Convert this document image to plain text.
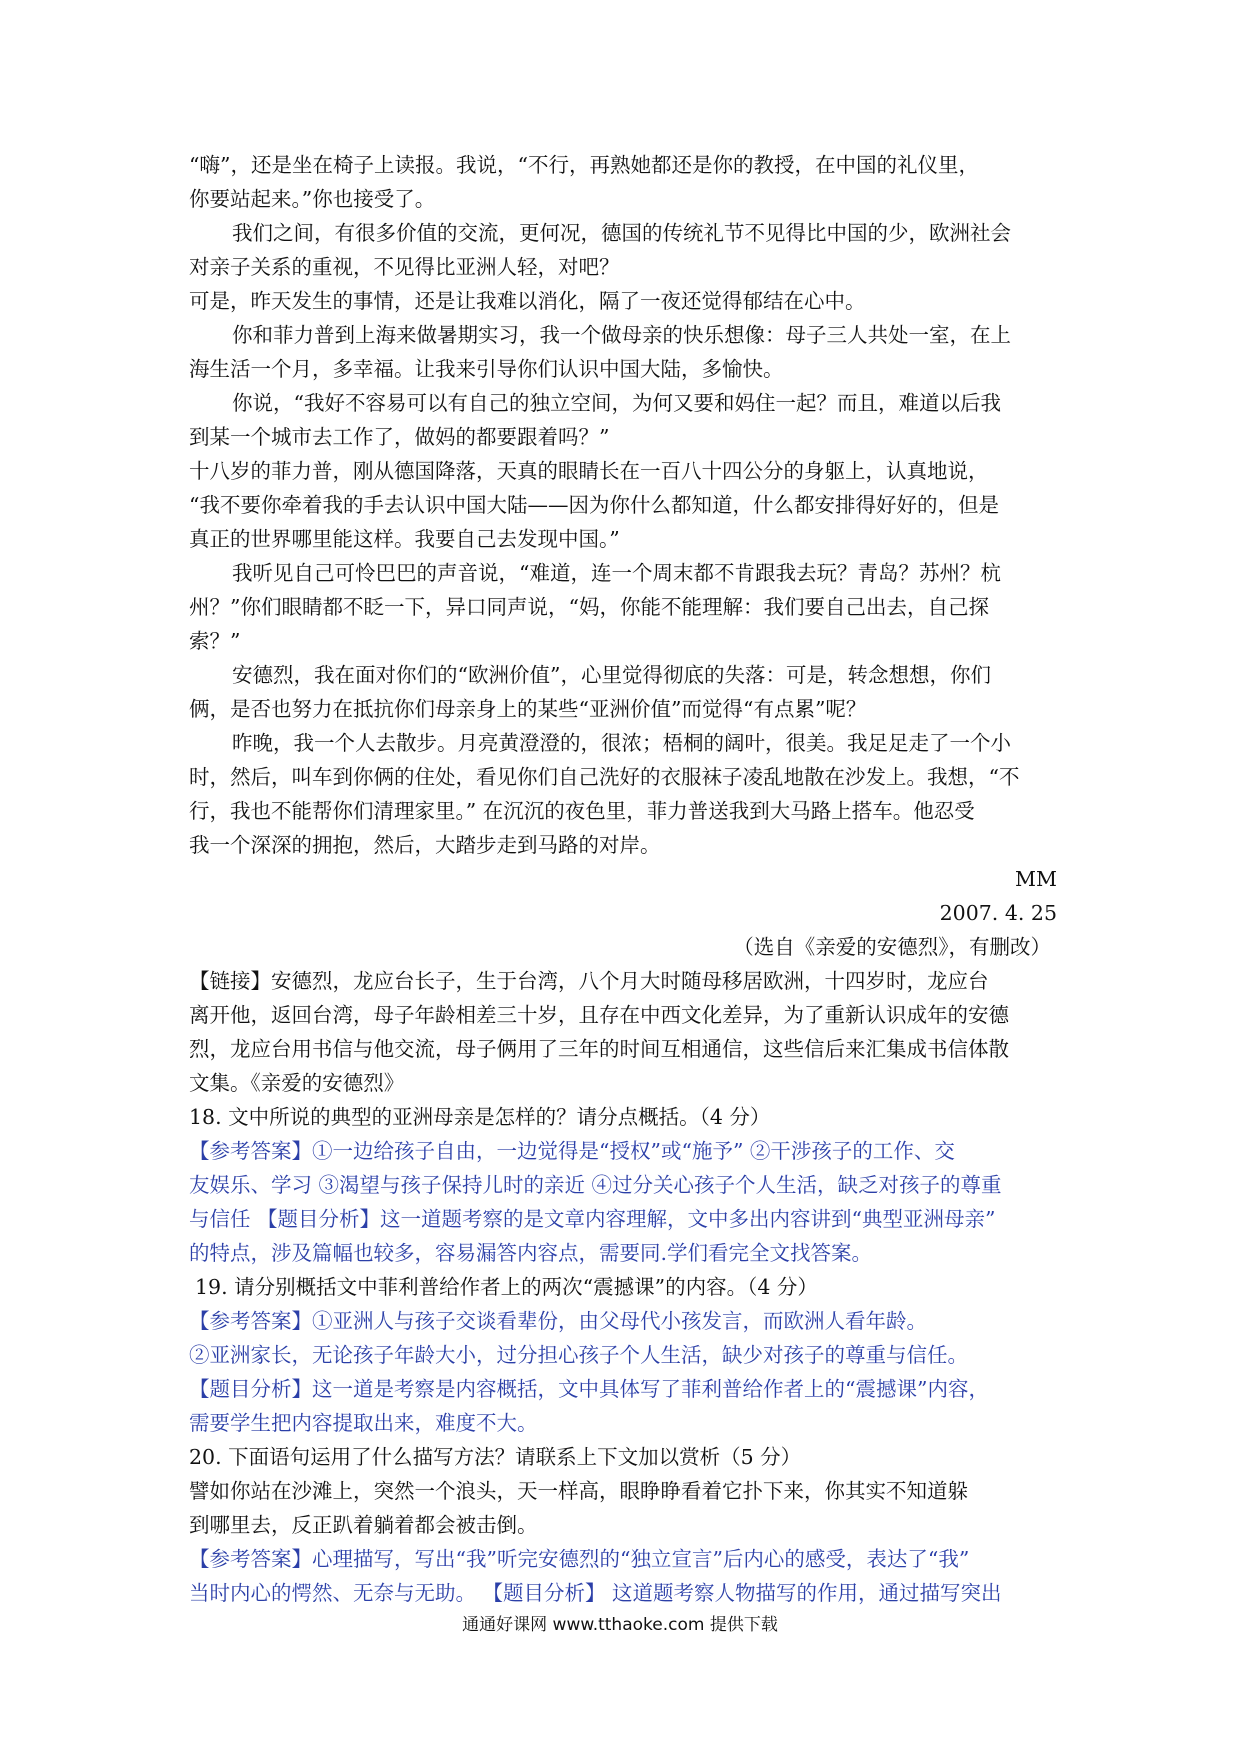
“嗨”，还是坐在椅子上读报。我说，“不行，再熟她都还是你的教授，在中国的礼仪里，
你要站起来。”你也接受了。
我们之间，有很多价值的交流，更何况，德国的传统礼节不见得比中国的少，欧洲社会
对亲子关系的重视，不见得比亚洲人轻，对吧？
可是，昨天发生的事情，还是让我难以消化，隔了一夜还觉得郁结在心中。
你和菲力普到上海来做暑期实习，我一个做母亲的快乐想像：母子三人共处一室，在上
海生活一个月，多幸福。让我来引导你们认识中国大陆，多愉快。
你说，“我好不容易可以有自己的独立空间，为何又要和妈住一起？而且，难道以后我
到某一个城市去工作了，做妈的都要跟着吗？”
十八岁的菲力普，刚从德国降落，天真的眼睛长在一百八十四公分的身躯上，认真地说，
“我不要你牵着我的手去认识中国大陆——因为你什么都知道，什么都安排得好好的，但是
真正的世界哪里能这样。我要自己去发现中国。”
我听见自己可怜巴巴的声音说，“难道，连一个周末都不肯跟我去玩？青岛？苏州？杭
州？”你们眼睛都不眨一下，异口同声说，“妈，你能不能理解：我们要自己出去，自己探
索？”
安德烈，我在面对你们的“欧洲价值”，心里觉得彻底的失落：可是，转念想想，你们
俩，是否也努力在抵抗你们母亲身上的某些“亚洲价值”而觉得“有点累”呢？
昨晚，我一个人去散步。月亮黄澄澄的，很浓；梧桐的阔叶，很美。我足足走了一个小
时，然后，叫车到你俩的住处，看见你们自己洗好的衣服袜子凌乱地散在沙发上。我想，“不
行，我也不能帮你们清理家里。” 在沉沉的夜色里，菲力普送我到大马路上搭车。他忍受
我一个深深的拥抱，然后，大踏步走到马路的对岸。
MM
2007. 4. 25
（选自《亲爱的安德烈》，有删改）
【链接】安德烈，龙应台长子，生于台湾，八个月大时随母移居欧洲，十四岁时，龙应台
离开他，返回台湾，母子年龄相差三十岁，且存在中西文化差异，为了重新认识成年的安德
烈，龙应台用书信与他交流，母子俩用了三年的时间互相通信，这些信后来汇集成书信体散
文集。《亲爱的安德烈》
18. 文中所说的典型的亚洲母亲是怎样的？请分点概括。（4 分）
【参考答案】①一边给孩子自由，一边觉得是“授权”或“施予” ②干涉孩子的工作、交
友娱乐、学习 ③渴望与孩子保持儿时的亲近 ④过分关心孩子个人生活，缺乏对孩子的尊重
与信任 【题目分析】这一道题考察的是文章内容理解，文中多出内容讲到“典型亚洲母亲”
的特点，涉及篇幅也较多，容易漏答内容点，需要同.学们看完全文找答案。
19. 请分别概括文中菲利普给作者上的两次“震撼课”的内容。（4 分）
【参考答案】①亚洲人与孩子交谈看辈份，由父母代小孩发言，而欧洲人看年龄。
②亚洲家长，无论孩子年龄大小，过分担心孩子个人生活，缺少对孩子的尊重与信任。
【题目分析】这一道是考察是内容概括，文中具体写了菲利普给作者上的“震撼课”内容，
需要学生把内容提取出来，难度不大。
20. 下面语句运用了什么描写方法？请联系上下文加以赏析（5 分）
譬如你站在沙滩上，突然一个浪头，天一样高，眼睁睁看着它扑下来，你其实不知道躲
到哪里去，反正趴着躺着都会被击倒。
【参考答案】心理描写，写出“我”听完安德烈的“独立宣言”后内心的感受，表达了“我”
当时内心的愕然、无奈与无助。 【题目分析】 这道题考察人物描写的作用，通过描写突出
通通好课网 www.tthaoke.com 提供下载
